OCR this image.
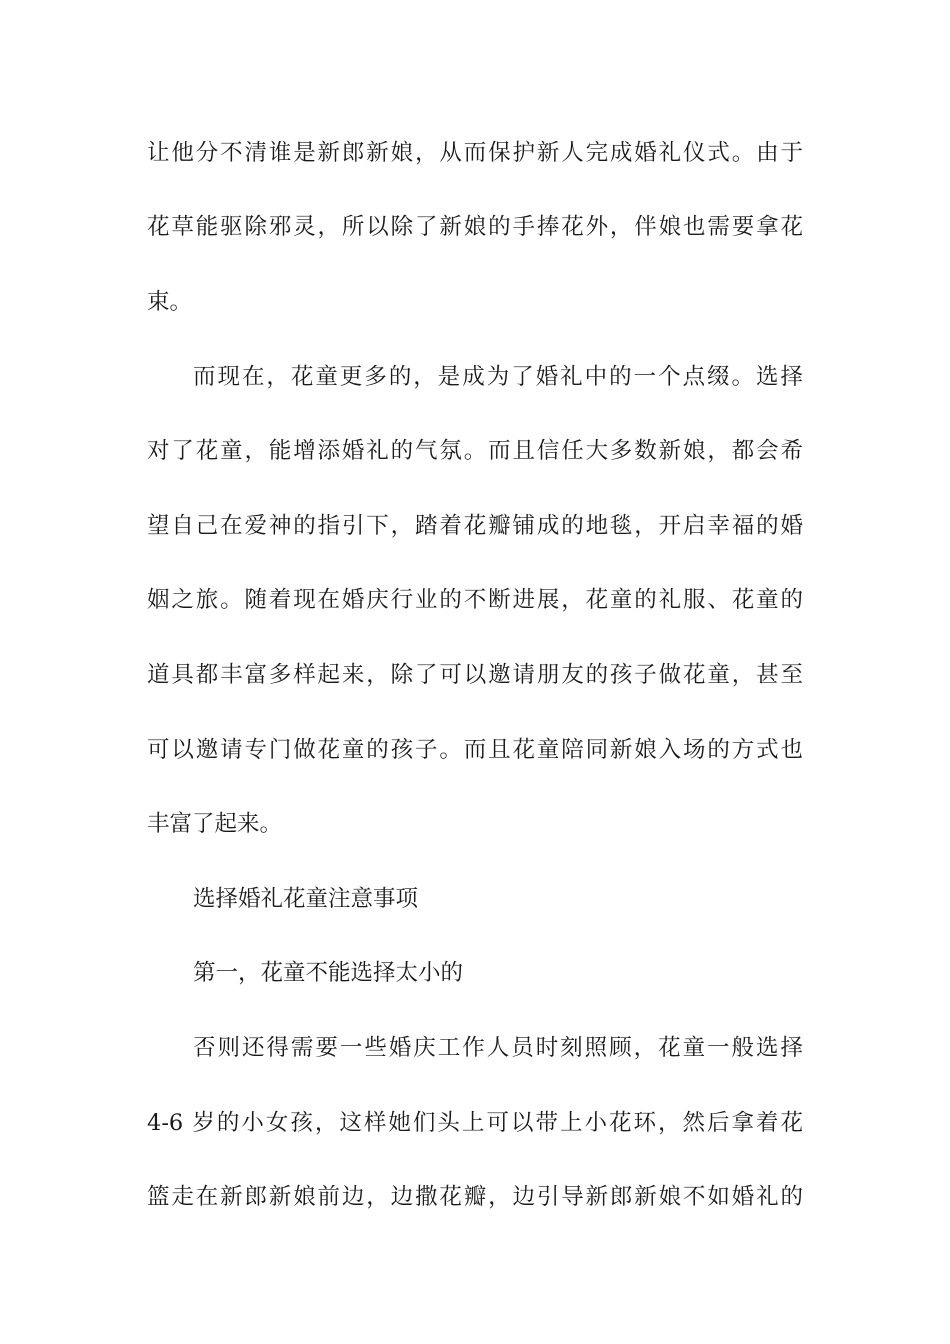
让他分不清谁是新郎新娘，从而保护新人完成婚礼仪式。由于
花草能驱除邪灵，所以除了新娘的手捧花外，伴娘也需要拿花
束。
而现在，花童更多的，是成为了婚礼中的一个点缀。选择
对了花童，能增添婚礼的气氛。而且信任大多数新娘，都会希
望自己在爱神的指引下，踏着花瓣铺成的地毯，开启幸福的婚
姻之旅。随着现在婚庆行业的不断进展，花童的礼服、花童的
道具都丰富多样起来，除了可以邀请朋友的孩子做花童，甚至
可以邀请专门做花童的孩子。而且花童陪同新娘入场的方式也
丰富了起来。
选择婚礼花童注意事项
第一，花童不能选择太小的
否则还得需要一些婚庆工作人员时刻照顾，花童一般选择
4-6 岁的小女孩，这样她们头上可以带上小花环，然后拿着花
篮走在新郎新娘前边，边撒花瓣，边引导新郎新娘不如婚礼的
